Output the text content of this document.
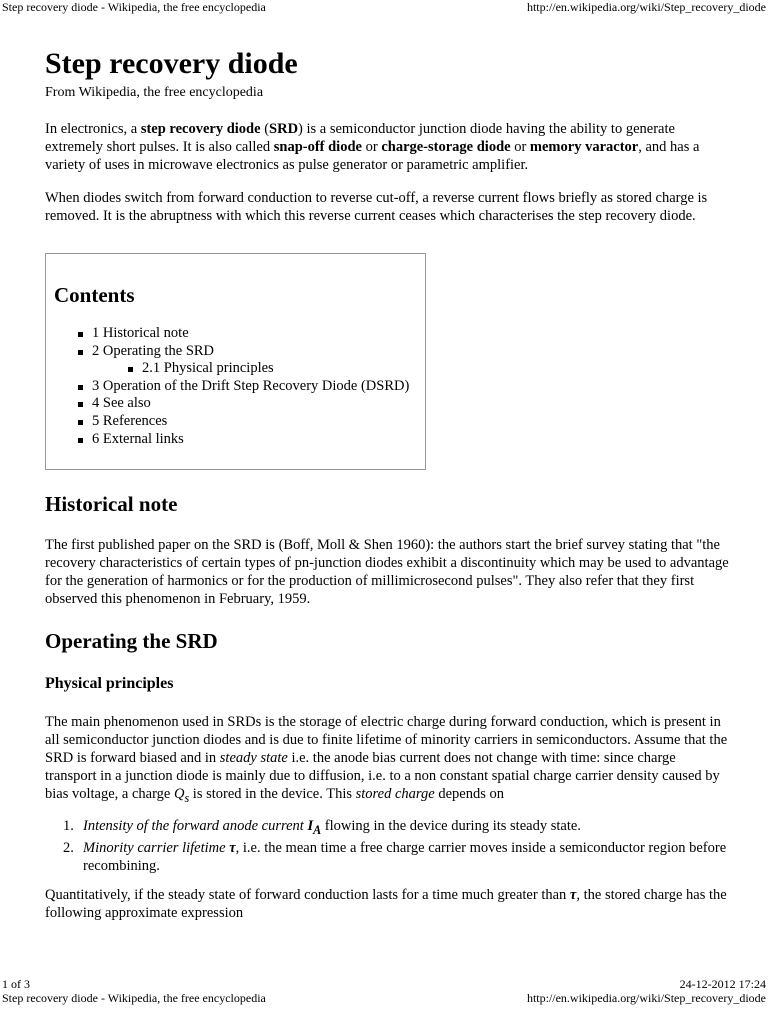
Step recovery diode - Wikipedia, the free encyclopedia	http://en.wikipedia.org/wiki/Step_recovery_diode
Step recovery diode
From Wikipedia, the free encyclopedia

In electronics, a step recovery diode (SRD) is a semiconductor junction diode having the ability to generate extremely short pulses. It is also called snap-off diode or charge-storage diode or memory varactor, and has a variety of uses in microwave electronics as pulse generator or parametric amplifier.

When diodes switch from forward conduction to reverse cut-off, a reverse current flows briefly as stored charge is removed. It is the abruptness with which this reverse current ceases which characterises the step recovery diode.

Contents
1 Historical note
2 Operating the SRD
2.1 Physical principles
3 Operation of the Drift Step Recovery Diode (DSRD)
4 See also
5 References
6 External links
Historical note

The first published paper on the SRD is (Boff, Moll & Shen 1960): the authors start the brief survey stating that "the recovery characteristics of certain types of pn-junction diodes exhibit a discontinuity which may be used to advantage for the generation of harmonics or for the production of millimicrosecond pulses". They also refer that they first observed this phenomenon in February, 1959.

Operating the SRD
Physical principles

The main phenomenon used in SRDs is the storage of electric charge during forward conduction, which is present in all semiconductor junction diodes and is due to finite lifetime of minority carriers in semiconductors. Assume that the SRD is forward biased and in steady state i.e. the anode bias current does not change with time: since charge transport in a junction diode is mainly due to diffusion, i.e. to a non constant spatial charge carrier density caused by bias voltage, a charge $Q_s$ is stored in the device. This stored charge depends on

1. Intensity of the forward anode current $I_A$ flowing in the device during its steady state.
2. Minority carrier lifetime τ, i.e. the mean time a free charge carrier moves inside a semiconductor region before recombining.

Quantitatively, if the steady state of forward conduction lasts for a time much greater than τ, the stored charge has the following approximate expression

1 of 3	24-12-2012 17:24
Step recovery diode - Wikipedia, the free encyclopedia	http://en.wikipedia.org/wiki/Step_recovery_diode
